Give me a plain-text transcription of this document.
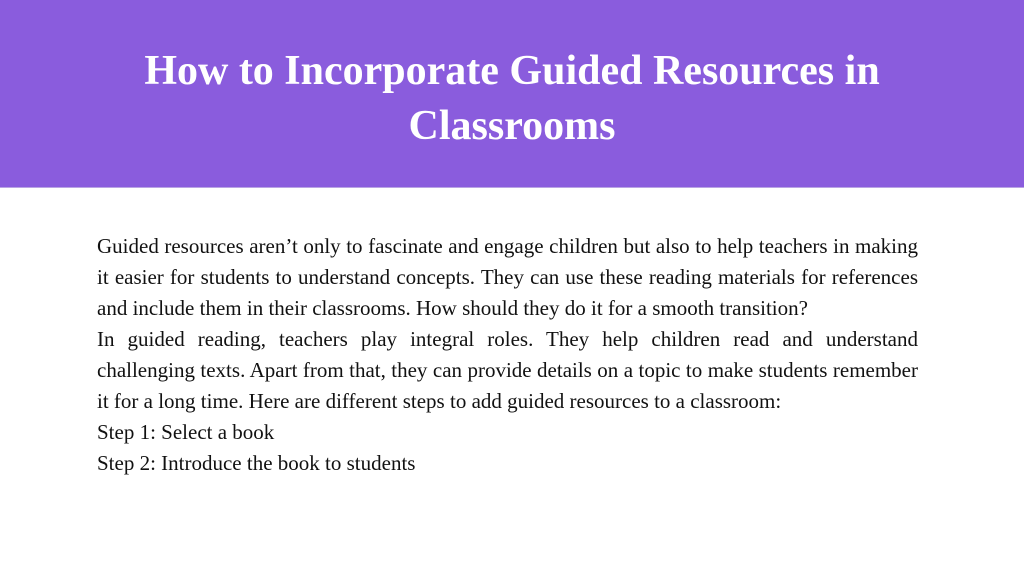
How to Incorporate Guided Resources in Classrooms

Guided resources aren’t only to fascinate and engage children but also to help teachers in making it easier for students to understand concepts. They can use these reading materials for references and include them in their classrooms. How should they do it for a smooth transition?

In guided reading, teachers play integral roles. They help children read and understand challenging texts. Apart from that, they can provide details on a topic to make students remember it for a long time. Here are different steps to add guided resources to a classroom:

Step 1: Select a book

Step 2: Introduce the book to students
